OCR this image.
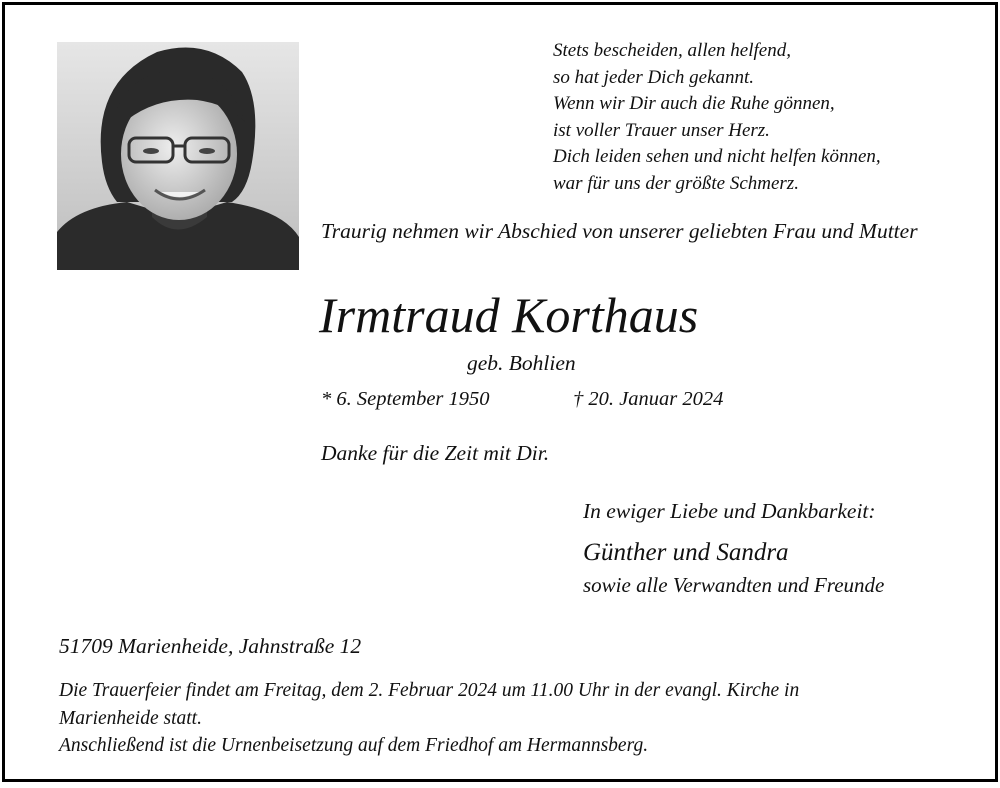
Stets bescheiden, allen helfend,
so hat jeder Dich gekannt.
Wenn wir Dir auch die Ruhe gönnen,
ist voller Trauer unser Herz.
Dich leiden sehen und nicht helfen können,
war für uns der größte Schmerz.
Traurig nehmen wir Abschied von unserer geliebten Frau und Mutter
Irmtraud Korthaus
geb. Bohlien
* 6. September 1950	† 20. Januar 2024
Danke für die Zeit mit Dir.
In ewiger Liebe und Dankbarkeit:
Günther und Sandra
sowie alle Verwandten und Freunde
51709 Marienheide, Jahnstraße 12
Die Trauerfeier findet am Freitag, dem 2. Februar 2024 um 11.00 Uhr in der evangl. Kirche in
Marienheide statt.
Anschließend ist die Urnenbeisetzung auf dem Friedhof am Hermannsberg.
